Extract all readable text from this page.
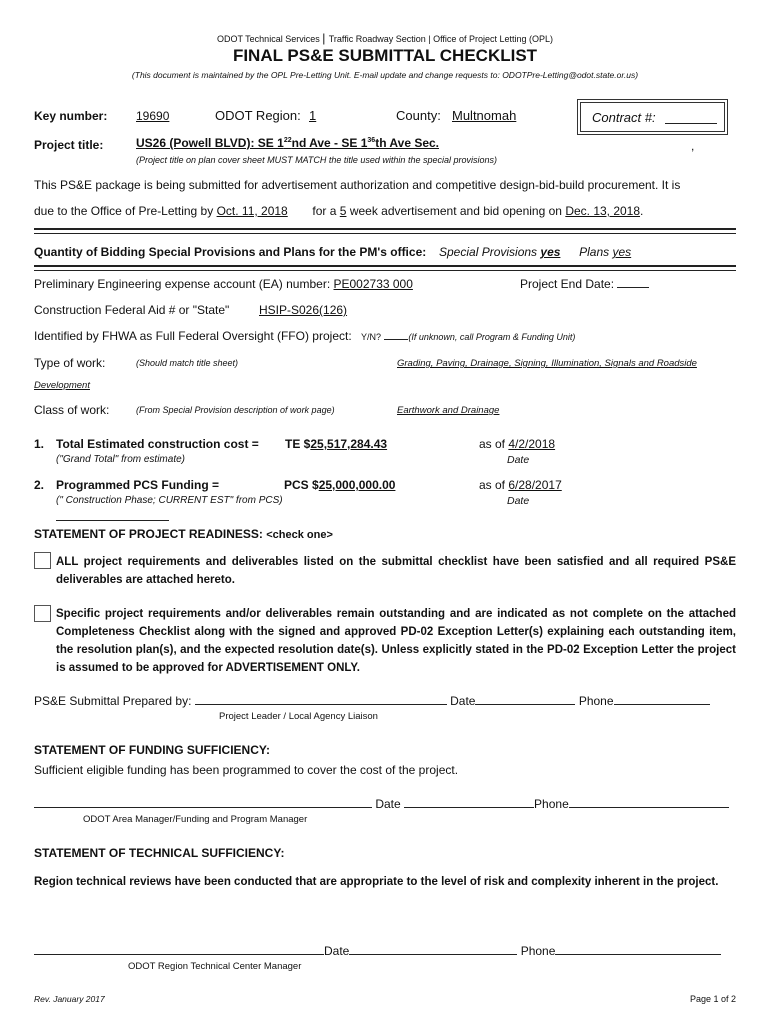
ODOT Technical Services | Traffic Roadway Section | Office of Project Letting (OPL)
FINAL PS&E SUBMITTAL CHECKLIST
(This document is maintained by the OPL Pre-Letting Unit. E-mail update and change requests to: ODOTPre-Letting@odot.state.or.us)
Key number: 19690	ODOT Region: 1	County: Multnomah	Contract #:
Project title:	US26 (Powell BLVD): SE $1^{22}nd$ Ave - SE $1^{36}th$ Ave Sec.	,
(Project title on plan cover sheet MUST MATCH the title used within the special provisions)
This PS&E package is being submitted for advertisement authorization and competitive design-bid-build procurement. It is
due to the Office of Pre-Letting by Oct. 11, 2018 for a 5 week advertisement and bid opening on Dec. 13, 2018.
Quantity of Bidding Special Provisions and Plans for the PM's office: Special Provisions yes Plans yes
Preliminary Engineering expense account (EA) number: PE002733 000	Project End Date:
Construction Federal Aid # or "State" HSIP-S026(126)
Identified by FHWA as Full Federal Oversight (FFO) project: Y/N?	(If unknown, call Program & Funding Unit)
Type of work:	(Should match title sheet)	Grading, Paving, Drainage, Signing, Illumination, Signals and Roadside
Development
Class of work:	(From Special Provision description of work page)	Earthwork and Drainage
1. Total Estimated construction cost =
("Grand Total" from estimate)
TE $25,517,284.43	as of 4/2/2018
Date
2. Programmed PCS Funding =
(" Construction Phase; CURRENT EST" from PCS)
PCS $25,000,000.00	as of 6/28/2017
Date
STATEMENT OF PROJECT READINESS: <check one>
ALL project requirements and deliverables listed on the submittal checklist have been satisfied and all required PS&E deliverables are attached hereto.
Specific project requirements and/or deliverables remain outstanding and are indicated as not complete on the attached Completeness Checklist along with the signed and approved PD-02 Exception Letter(s) explaining each outstanding item, the resolution plan(s), and the expected resolution date(s). Unless explicitly stated in the PD-02 Exception Letter the project is assumed to be approved for ADVERTISEMENT ONLY.
PS&E Submittal Prepared by:	Date	Phone
Project Leader / Local Agency Liaison
STATEMENT OF FUNDING SUFFICIENCY:
Sufficient eligible funding has been programmed to cover the cost of the project.
Date	Phone
ODOT Area Manager/Funding and Program Manager
STATEMENT OF TECHNICAL SUFFICIENCY:
Region technical reviews have been conducted that are appropriate to the level of risk and complexity inherent in the project.
Date	Phone
ODOT Region Technical Center Manager
Rev. January 2017	Page 1 of 2
